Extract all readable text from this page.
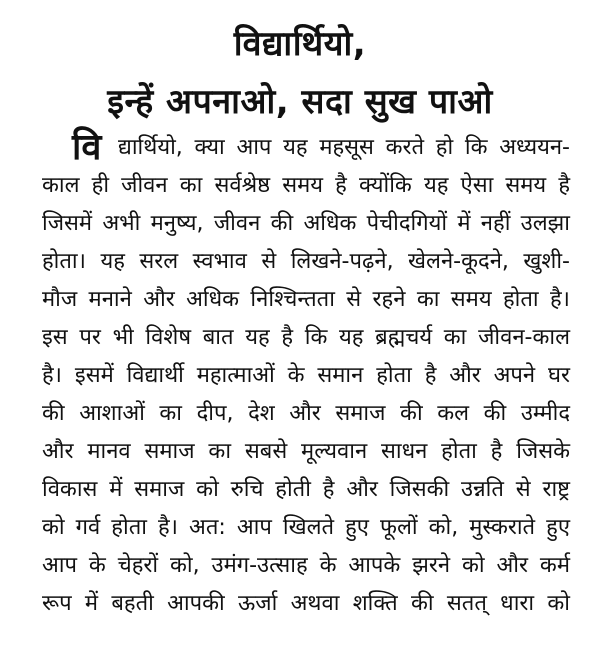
विद्यार्थियो,
इन्हें अपनाओ, सदा सुख पाओ
वि द्यार्थियो, क्या आप यह महसूस करते हो कि अध्ययन-
काल ही जीवन का सर्वश्रेष्ठ समय है क्योंकि यह ऐसा समय है
जिसमें अभी मनुष्य, जीवन की अधिक पेचीदगियों में नहीं उलझा
होता। यह सरल स्वभाव से लिखने-पढ़ने, खेलने-कूदने, खुशी-
मौज मनाने और अधिक निश्चिन्तता से रहने का समय होता है।
इस पर भी विशेष बात यह है कि यह ब्रह्मचर्य का जीवन-काल
है। इसमें विद्यार्थी महात्माओं के समान होता है और अपने घर
की आशाओं का दीप, देश और समाज की कल की उम्मीद
और मानव समाज का सबसे मूल्यवान साधन होता है जिसके
विकास में समाज को रुचि होती है और जिसकी उन्नति से राष्ट्र
को गर्व होता है। अत: आप खिलते हुए फूलों को, मुस्कराते हुए
आप के चेहरों को, उमंग-उत्साह के आपके झरने को और कर्म
रूप में बहती आपकी ऊर्जा अथवा शक्ति की सतत् धारा को
